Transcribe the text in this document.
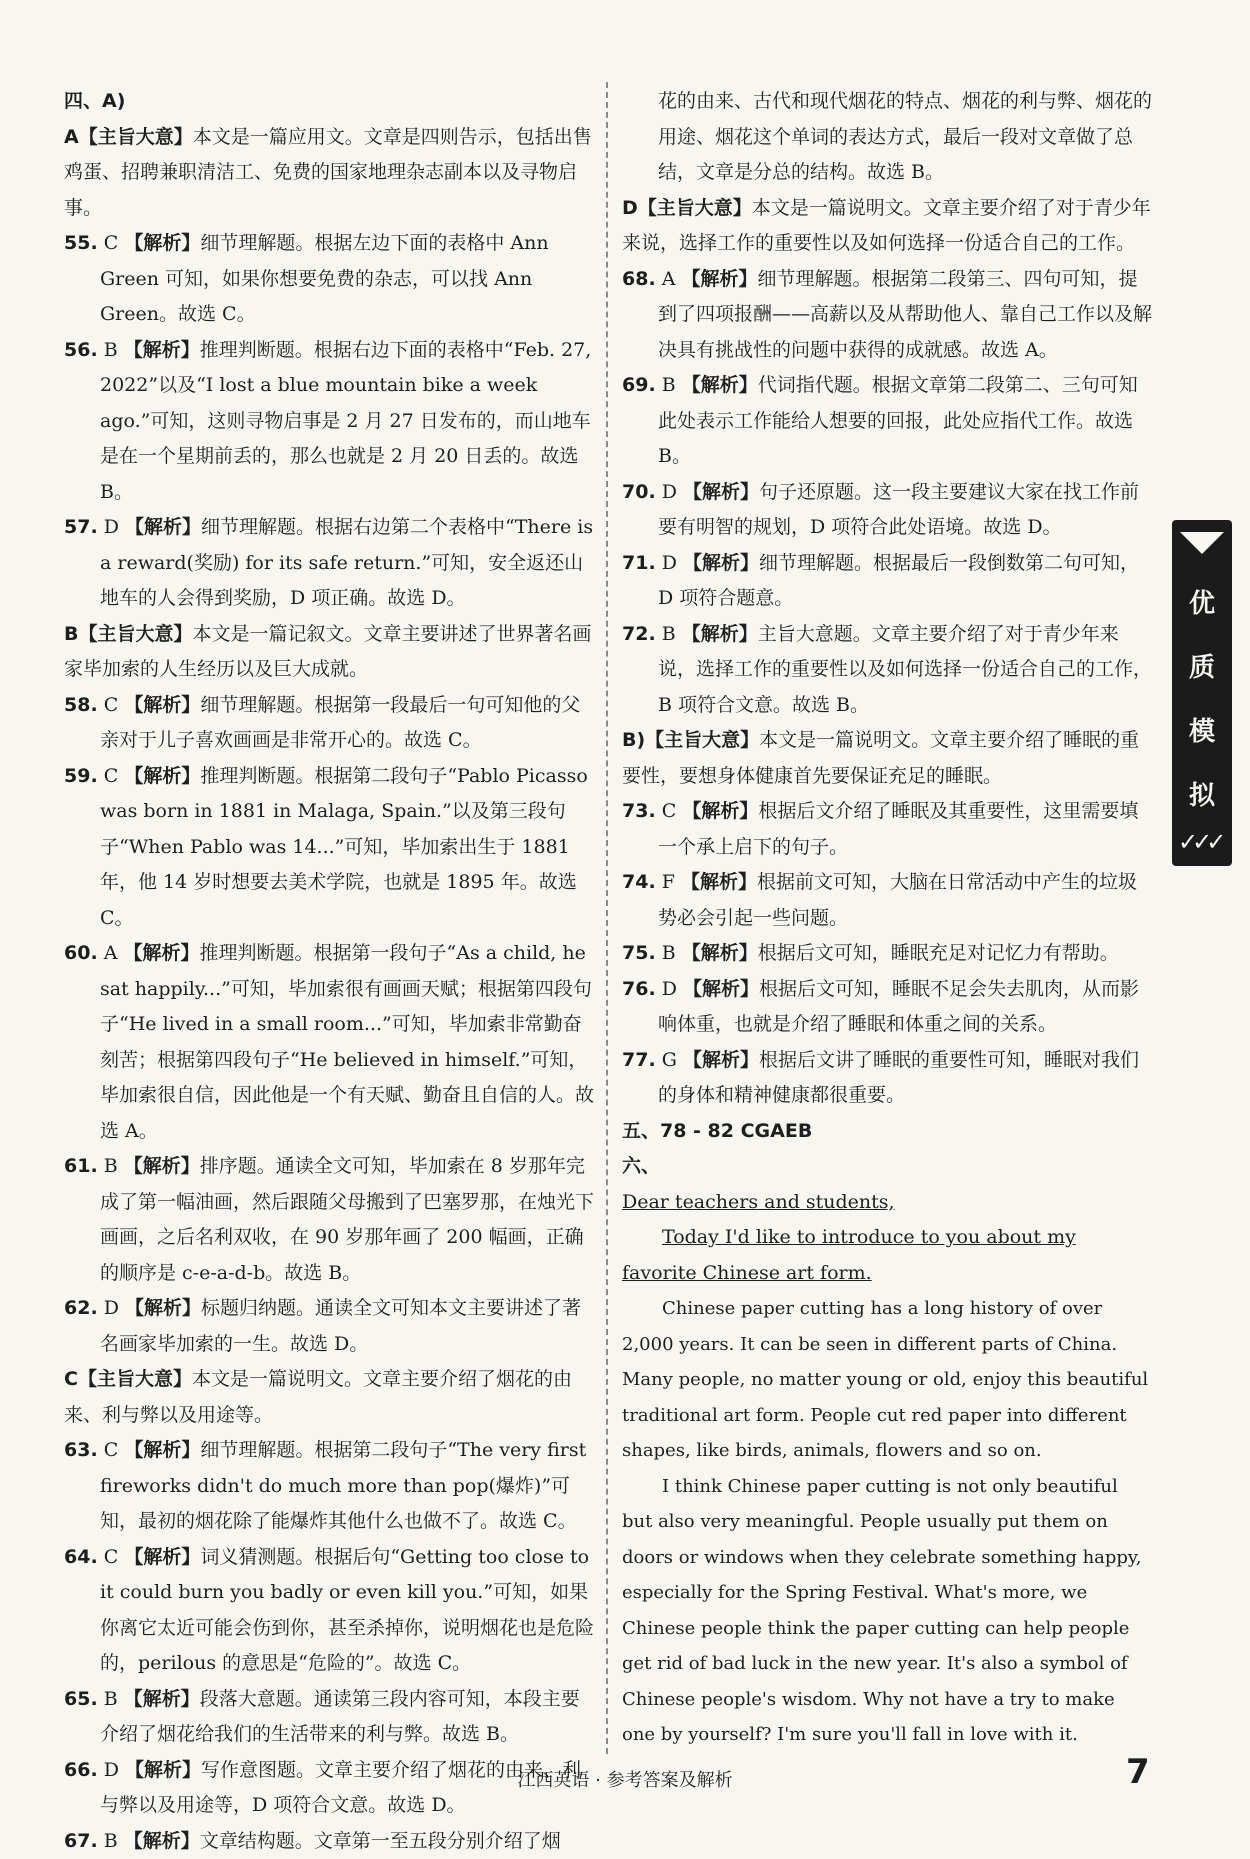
四、A)

A【主旨大意】本文是一篇应用文。文章是四则告示，包括出售鸡蛋、招聘兼职清洁工、免费的国家地理杂志副本以及寻物启事。

55. C 【解析】细节理解题。根据左边下面的表格中 Ann Green 可知，如果你想要免费的杂志，可以找 Ann Green。故选 C。

56. B 【解析】推理判断题。根据右边下面的表格中“Feb. 27, 2022”以及“I lost a blue mountain bike a week ago.”可知，这则寻物启事是 2 月 27 日发布的，而山地车是在一个星期前丢的，那么也就是 2 月 20 日丢的。故选 B。

57. D 【解析】细节理解题。根据右边第二个表格中“There is a reward(奖励) for its safe return.”可知，安全返还山地车的人会得到奖励，D 项正确。故选 D。

B【主旨大意】本文是一篇记叙文。文章主要讲述了世界著名画家毕加索的人生经历以及巨大成就。

58. C 【解析】细节理解题。根据第一段最后一句可知他的父亲对于儿子喜欢画画是非常开心的。故选 C。

59. C 【解析】推理判断题。根据第二段句子“Pablo Picasso was born in 1881 in Malaga, Spain.”以及第三段句子“When Pablo was 14...”可知，毕加索出生于 1881 年，他 14 岁时想要去美术学院，也就是 1895 年。故选 C。

60. A 【解析】推理判断题。根据第一段句子“As a child, he sat happily...”可知，毕加索很有画画天赋；根据第四段句子“He lived in a small room...”可知，毕加索非常勤奋刻苦；根据第四段句子“He believed in himself.”可知，毕加索很自信，因此他是一个有天赋、勤奋且自信的人。故选 A。

61. B 【解析】排序题。通读全文可知，毕加索在 8 岁那年完成了第一幅油画，然后跟随父母搬到了巴塞罗那，在烛光下画画，之后名利双收，在 90 岁那年画了 200 幅画，正确的顺序是 c-e-a-d-b。故选 B。

62. D 【解析】标题归纳题。通读全文可知本文主要讲述了著名画家毕加索的一生。故选 D。

C【主旨大意】本文是一篇说明文。文章主要介绍了烟花的由来、利与弊以及用途等。

63. C 【解析】细节理解题。根据第二段句子“The very first fireworks didn't do much more than pop(爆炸)”可知，最初的烟花除了能爆炸其他什么也做不了。故选 C。

64. C 【解析】词义猜测题。根据后句“Getting too close to it could burn you badly or even kill you.”可知，如果你离它太近可能会伤到你，甚至杀掉你，说明烟花也是危险的，perilous 的意思是“危险的”。故选 C。

65. B 【解析】段落大意题。通读第三段内容可知，本段主要介绍了烟花给我们的生活带来的利与弊。故选 B。

66. D 【解析】写作意图题。文章主要介绍了烟花的由来、利与弊以及用途等，D 项符合文意。故选 D。

67. B 【解析】文章结构题。文章第一至五段分别介绍了烟

花的由来、古代和现代烟花的特点、烟花的利与弊、烟花的用途、烟花这个单词的表达方式，最后一段对文章做了总结，文章是分总的结构。故选 B。

D【主旨大意】本文是一篇说明文。文章主要介绍了对于青少年来说，选择工作的重要性以及如何选择一份适合自己的工作。

68. A 【解析】细节理解题。根据第二段第三、四句可知，提到了四项报酬——高薪以及从帮助他人、靠自己工作以及解决具有挑战性的问题中获得的成就感。故选 A。

69. B 【解析】代词指代题。根据文章第二段第二、三句可知此处表示工作能给人想要的回报，此处应指代工作。故选 B。

70. D 【解析】句子还原题。这一段主要建议大家在找工作前要有明智的规划，D 项符合此处语境。故选 D。

71. D 【解析】细节理解题。根据最后一段倒数第二句可知，D 项符合题意。

72. B 【解析】主旨大意题。文章主要介绍了对于青少年来说，选择工作的重要性以及如何选择一份适合自己的工作，B 项符合文意。故选 B。

B)【主旨大意】本文是一篇说明文。文章主要介绍了睡眠的重要性，要想身体健康首先要保证充足的睡眠。

73. C 【解析】根据后文介绍了睡眠及其重要性，这里需要填一个承上启下的句子。

74. F 【解析】根据前文可知，大脑在日常活动中产生的垃圾势必会引起一些问题。

75. B 【解析】根据后文可知，睡眠充足对记忆力有帮助。

76. D 【解析】根据后文可知，睡眠不足会失去肌肉，从而影响体重，也就是介绍了睡眠和体重之间的关系。

77. G 【解析】根据后文讲了睡眠的重要性可知，睡眠对我们的身体和精神健康都很重要。

五、78 - 82 CGAEB

六、

Dear teachers and students,

Today I'd like to introduce to you about my favorite Chinese art form.

Chinese paper cutting has a long history of over 2,000 years. It can be seen in different parts of China. Many people, no matter young or old, enjoy this beautiful traditional art form. People cut red paper into different shapes, like birds, animals, flowers and so on.

I think Chinese paper cutting is not only beautiful but also very meaningful. People usually put them on doors or windows when they celebrate something happy, especially for the Spring Festival. What's more, we Chinese people think the paper cutting can help people get rid of bad luck in the new year. It's also a symbol of Chinese people's wisdom. Why not have a try to make one by yourself? I'm sure you'll fall in love with it.

优
质
模
拟
✓✓✓
江西英语 · 参考答案及解析	7
